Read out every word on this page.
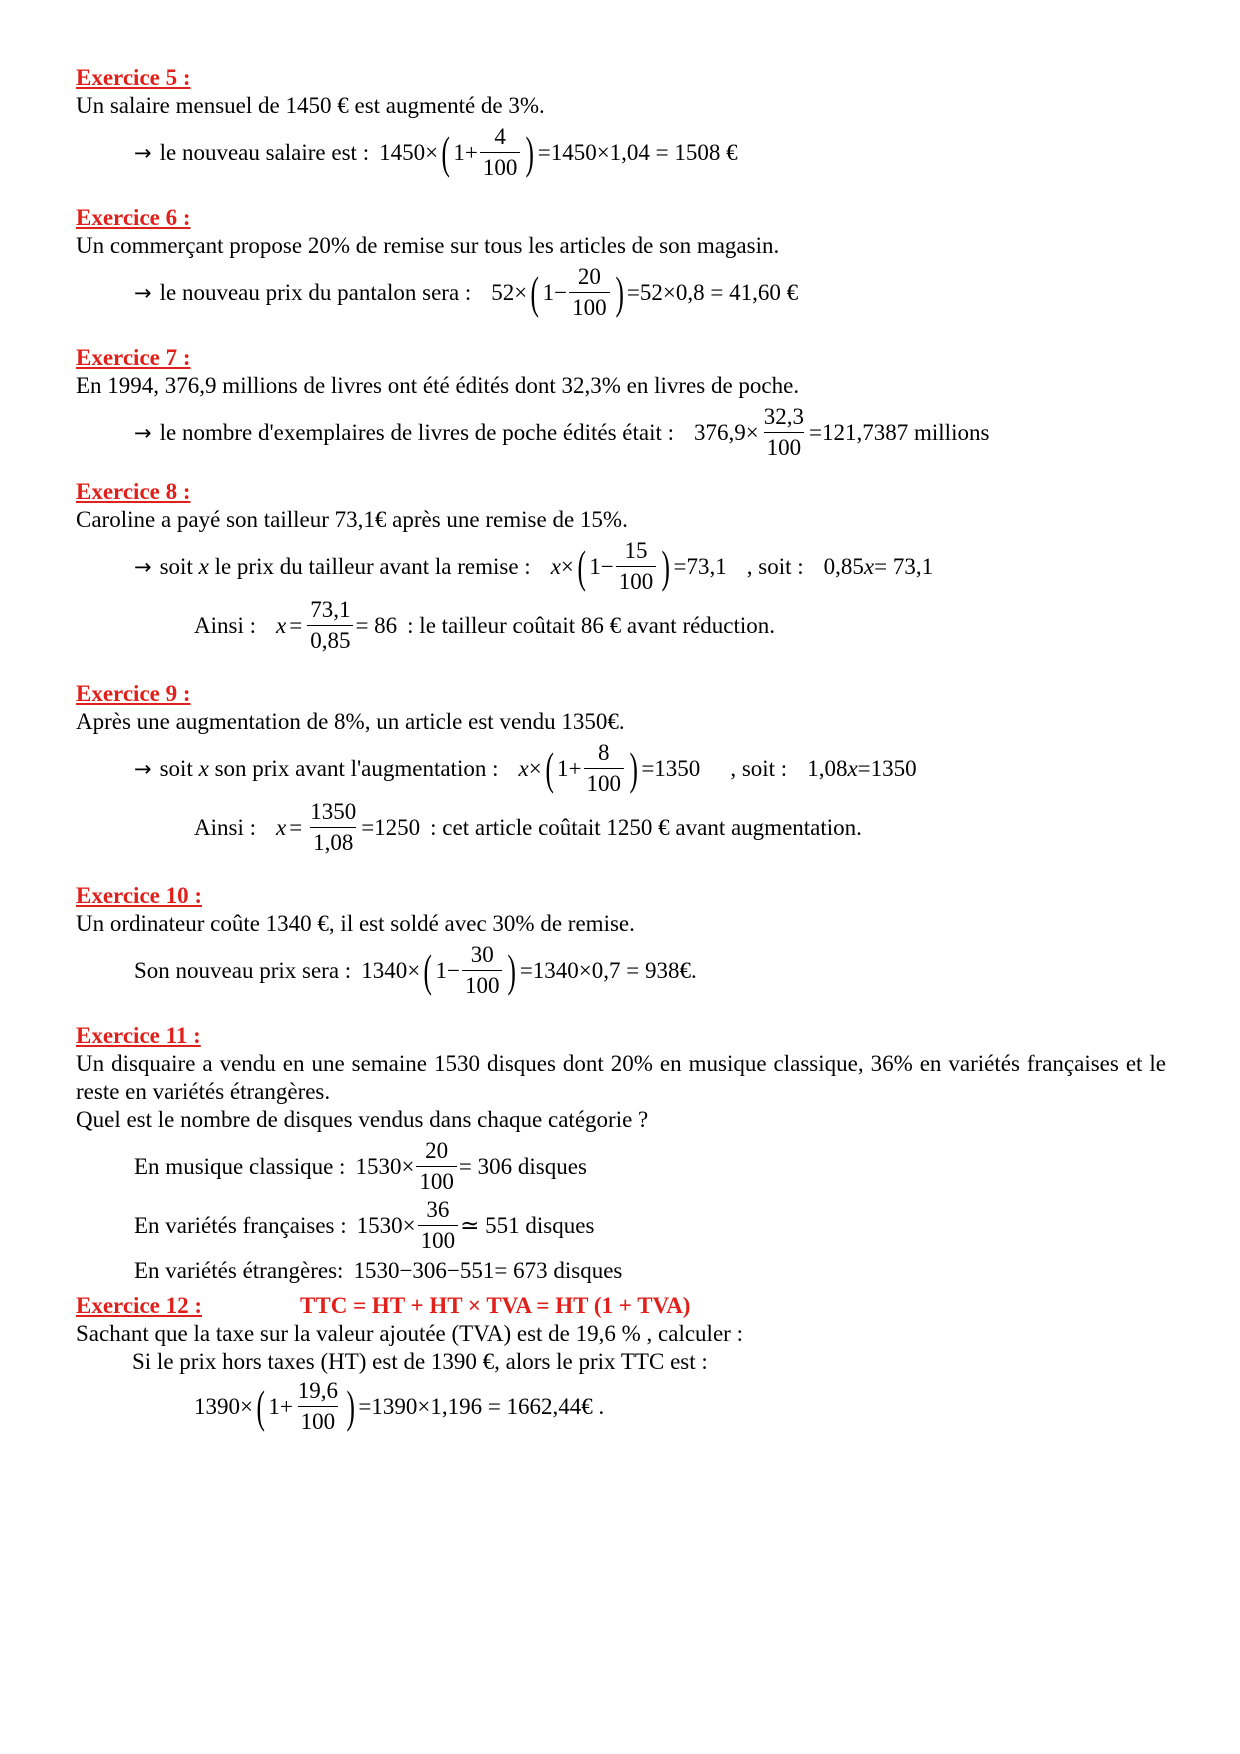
Exercice 5 :
Un salaire mensuel de 1450 € est augmenté de 3%.
→ le nouveau salaire est : 1450× ( $1+ \frac{4}{100}$ ) =1450×1,04 = 1508 €
Exercice 6 :
Un commerçant propose 20% de remise sur tous les articles de son magasin.
→ le nouveau prix du pantalon sera : 52× ( $1- \frac{20}{100}$ ) =52×0,8 = 41,60 €
Exercice 7 :
En 1994, 376,9 millions de livres ont été édités dont 32,3% en livres de poche.
→ le nombre d'exemplaires de livres de poche édités était : $376,9\times \frac{32,3}{100} =121,7387$ millions
Exercice 8 :
Caroline a payé son tailleur 73,1€ après une remise de 15%.
→ soit
x
le prix du tailleur avant la remise : x × ( $1- \frac{15}{100}$ ) =73,1 , soit : 0,85 x = 73,1
Ainsi : $x = \frac{73,1}{0,85} = 86$ : le tailleur coûtait 86 € avant réduction.
Exercice 9 :
Après une augmentation de 8%, un article est vendu 1350€.
→ soit
x
son prix avant l'augmentation : x × ( $1+ \frac{8}{100}$ ) =1350 , soit : 1,08 x =1350
Ainsi : $x = \frac{1350}{1,08} =1250$ : cet article coûtait 1250 € avant augmentation.
Exercice 10 :
Un ordinateur coûte 1340 €, il est soldé avec 30% de remise.
Son nouveau prix sera : 1340× ( $1- \frac{30}{100}$ ) =1340×0,7 = 938€.
Exercice 11 :
Un disquaire a vendu en une semaine 1530 disques dont 20% en musique classique, 36% en variétés françaises et le reste en variétés étrangères.
Quel est le nombre de disques vendus dans chaque catégorie ?
En musique classique : $1530\times \frac{20}{100} = 306$ disques
En variétés françaises : $1530\times \frac{36}{100}$ ≃ 551 disques
En variétés étrangères: 1530−306−551= 673 disques
Exercice 12 :	TTC = HT + HT × TVA = HT (1 + TVA)
Sachant que la taxe sur la valeur ajoutée (TVA) est de 19,6 % , calculer :
Si le prix hors taxes (HT) est de 1390 €, alors le prix TTC est :
1390× ( $1+ \frac{19,6}{100}$ ) =1390×1,196 = 1662,44€ .
